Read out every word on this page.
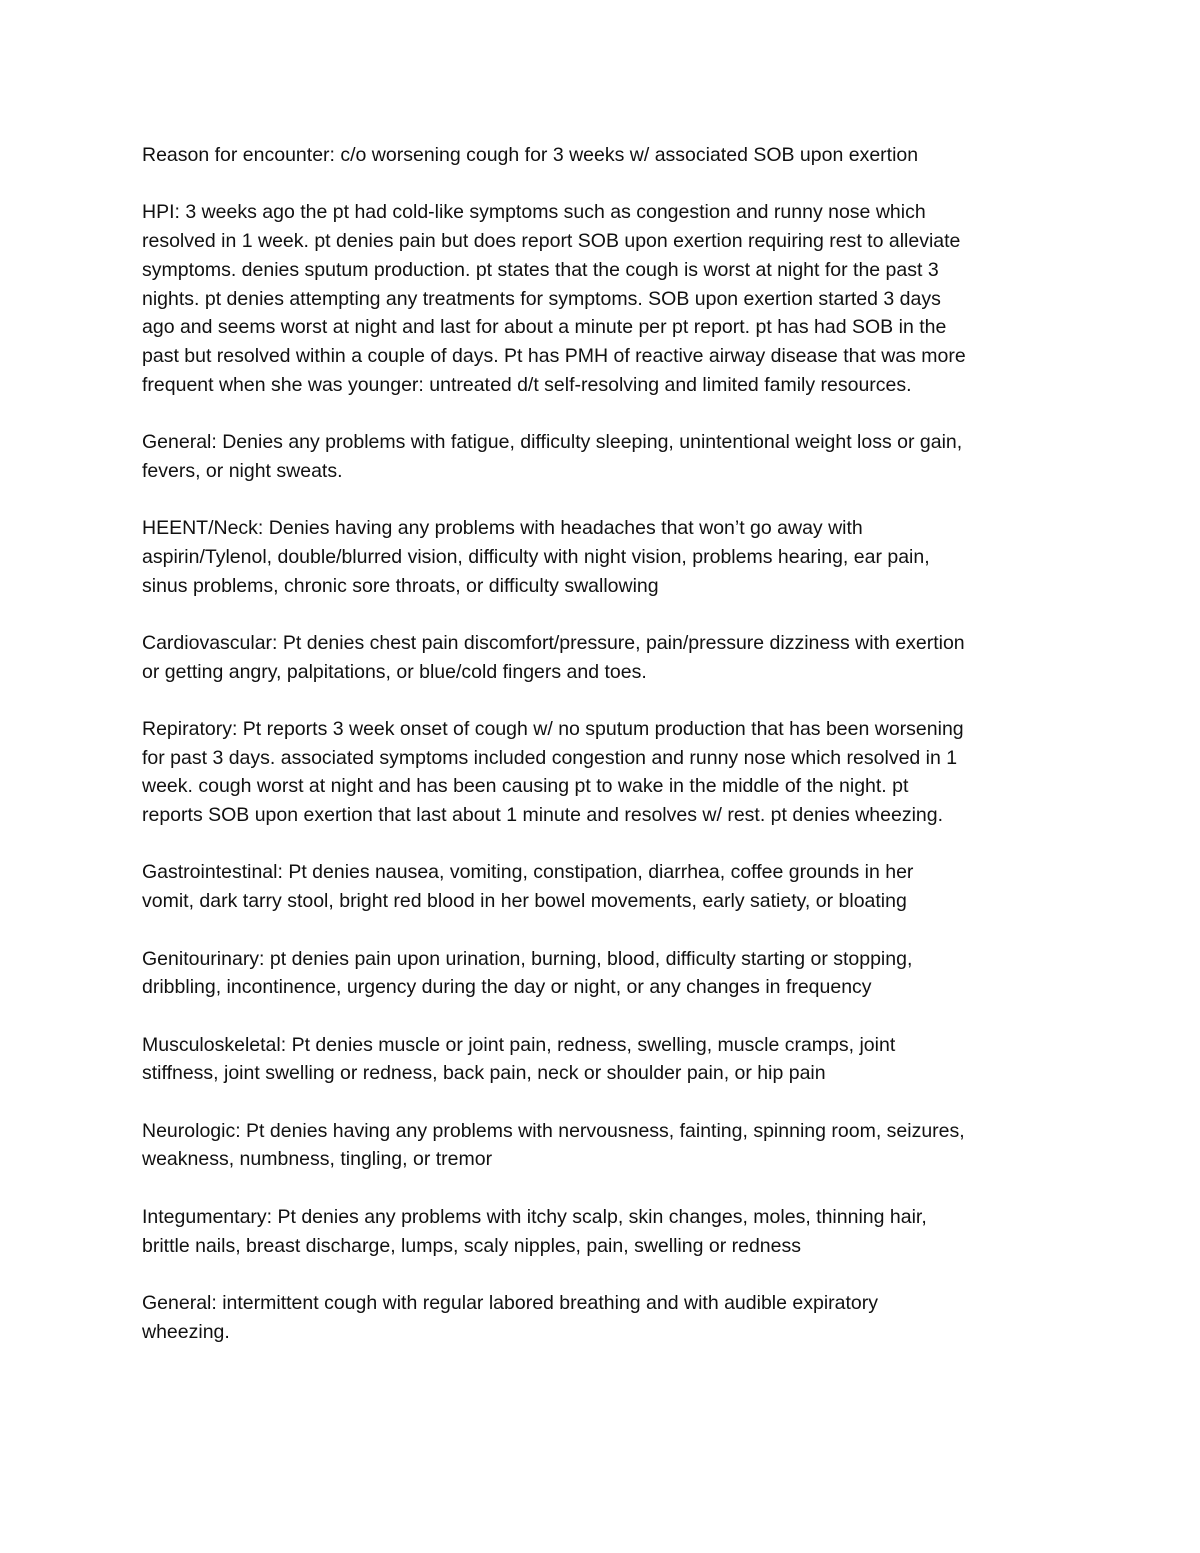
Reason for encounter: c/o worsening cough for 3 weeks w/ associated SOB upon exertion

HPI: 3 weeks ago the pt had cold-like symptoms such as congestion and runny nose which
resolved in 1 week. pt denies pain but does report SOB upon exertion requiring rest to alleviate
symptoms. denies sputum production. pt states that the cough is worst at night for the past 3
nights. pt denies attempting any treatments for symptoms. SOB upon exertion started 3 days
ago and seems worst at night and last for about a minute per pt report. pt has had SOB in the
past but resolved within a couple of days. Pt has PMH of reactive airway disease that was more
frequent when she was younger: untreated d/t self-resolving and limited family resources.

General: Denies any problems with fatigue, difficulty sleeping, unintentional weight loss or gain,
fevers, or night sweats.

HEENT/Neck: Denies having any problems with headaches that won’t go away with
aspirin/Tylenol, double/blurred vision, difficulty with night vision, problems hearing, ear pain,
sinus problems, chronic sore throats, or difficulty swallowing

Cardiovascular: Pt denies chest pain discomfort/pressure, pain/pressure dizziness with exertion
or getting angry, palpitations, or blue/cold fingers and toes.

Repiratory: Pt reports 3 week onset of cough w/ no sputum production that has been worsening
for past 3 days. associated symptoms included congestion and runny nose which resolved in 1
week. cough worst at night and has been causing pt to wake in the middle of the night. pt
reports SOB upon exertion that last about 1 minute and resolves w/ rest. pt denies wheezing.

Gastrointestinal: Pt denies nausea, vomiting, constipation, diarrhea, coffee grounds in her
vomit, dark tarry stool, bright red blood in her bowel movements, early satiety, or bloating

Genitourinary: pt denies pain upon urination, burning, blood, difficulty starting or stopping,
dribbling, incontinence, urgency during the day or night, or any changes in frequency

Musculoskeletal: Pt denies muscle or joint pain, redness, swelling, muscle cramps, joint
stiffness, joint swelling or redness, back pain, neck or shoulder pain, or hip pain

Neurologic: Pt denies having any problems with nervousness, fainting, spinning room, seizures,
weakness, numbness, tingling, or tremor

Integumentary: Pt denies any problems with itchy scalp, skin changes, moles, thinning hair,
brittle nails, breast discharge, lumps, scaly nipples, pain, swelling or redness

General: intermittent cough with regular labored breathing and with audible expiratory
wheezing.
